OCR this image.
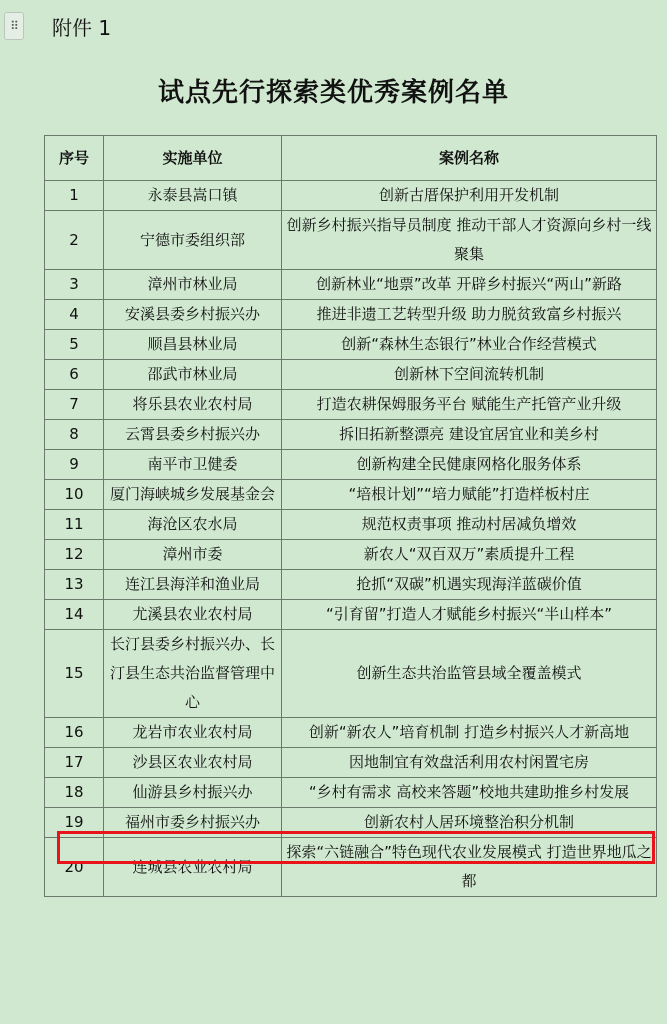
⠿	附件 1
试点先行探索类优秀案例名单
序号	实施单位	案例名称
1	永泰县嵩口镇	创新古厝保护利用开发机制
2	宁德市委组织部	创新乡村振兴指导员制度 推动干部人才资源向乡村一线聚集
3	漳州市林业局	创新林业“地票”改革 开辟乡村振兴“两山”新路
4	安溪县委乡村振兴办	推进非遗工艺转型升级 助力脱贫致富乡村振兴
5	顺昌县林业局	创新“森林生态银行”林业合作经营模式
6	邵武市林业局	创新林下空间流转机制
7	将乐县农业农村局	打造农耕保姆服务平台 赋能生产托管产业升级
8	云霄县委乡村振兴办	拆旧拓新整漂亮 建设宜居宜业和美乡村
9	南平市卫健委	创新构建全民健康网格化服务体系
10	厦门海峡城乡发展基金会	“培根计划”“培力赋能”打造样板村庄
11	海沧区农水局	规范权责事项 推动村居减负增效
12	漳州市委	新农人“双百双万”素质提升工程
13	连江县海洋和渔业局	抢抓“双碳”机遇实现海洋蓝碳价值
14	尤溪县农业农村局	“引育留”打造人才赋能乡村振兴“半山样本”
15	长汀县委乡村振兴办、长汀县生态共治监督管理中心	创新生态共治监管县域全覆盖模式
16	龙岩市农业农村局	创新“新农人”培育机制 打造乡村振兴人才新高地
17	沙县区农业农村局	因地制宜有效盘活利用农村闲置宅房
18	仙游县乡村振兴办	“乡村有需求 高校来答题”校地共建助推乡村发展
19	福州市委乡村振兴办	创新农村人居环境整治积分机制
20	连城县农业农村局	探索“六链融合”特色现代农业发展模式 打造世界地瓜之都
